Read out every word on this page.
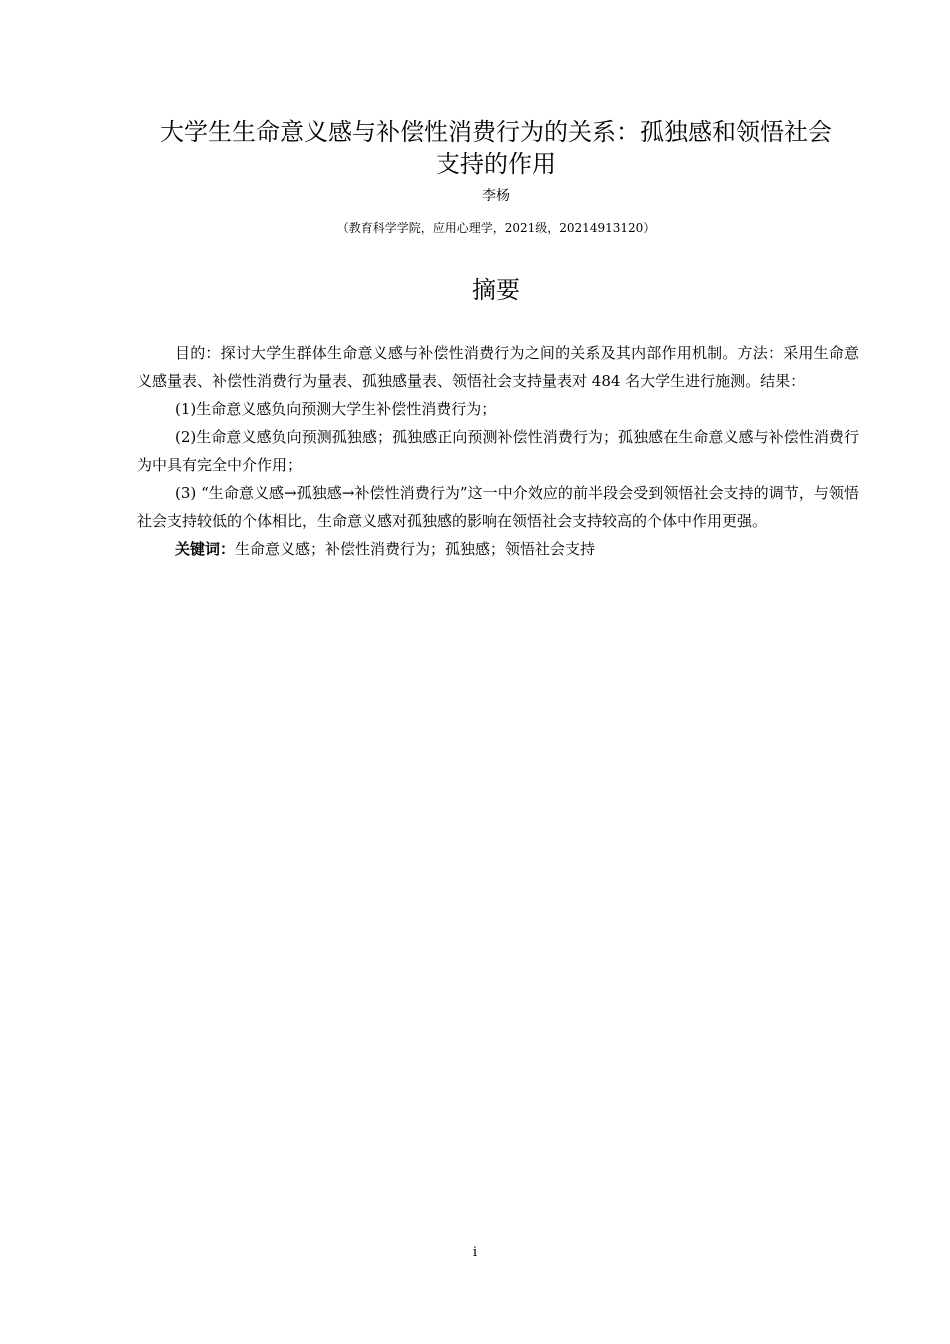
大学生生命意义感与补偿性消费行为的关系：孤独感和领悟社会
支持的作用
李杨
（教育科学学院，应用心理学，2021级，20214913120）
摘要

目的：探讨大学生群体生命意义感与补偿性消费行为之间的关系及其内部作用机制。方法：采用生命意义感量表、补偿性消费行为量表、孤独感量表、领悟社会支持量表对 484 名大学生进行施测。结果：

(1)生命意义感负向预测大学生补偿性消费行为；

(2)生命意义感负向预测孤独感；孤独感正向预测补偿性消费行为；孤独感在生命意义感与补偿性消费行为中具有完全中介作用；

(3) “生命意义感→孤独感→补偿性消费行为”这一中介效应的前半段会受到领悟社会支持的调节，与领悟社会支持较低的个体相比，生命意义感对孤独感的影响在领悟社会支持较高的个体中作用更强。

关键词：生命意义感；补偿性消费行为；孤独感；领悟社会支持

i
